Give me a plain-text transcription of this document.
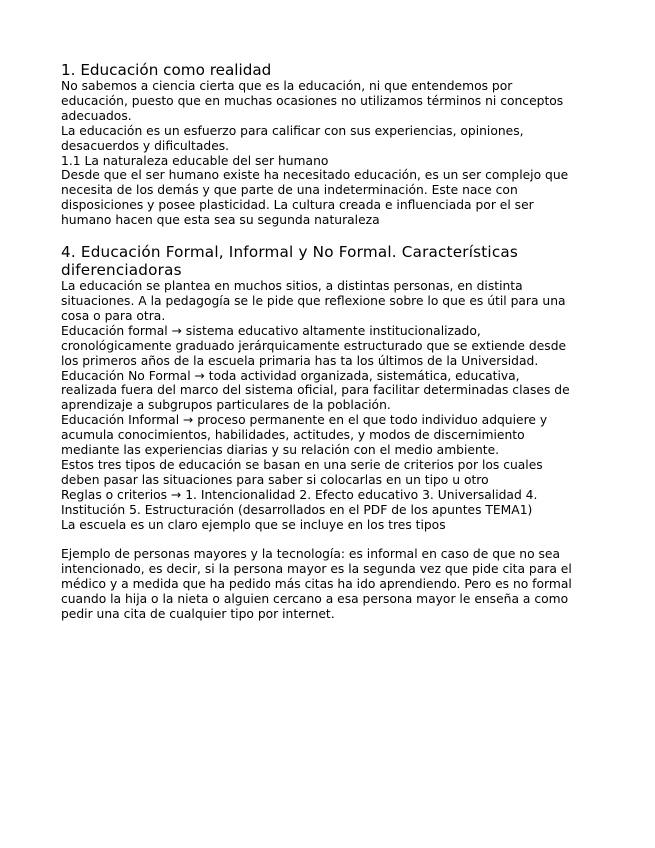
1. Educación como realidad

No sabemos a ciencia cierta que es la educación, ni que entendemos por
educación, puesto que en muchas ocasiones no utilizamos términos ni conceptos
adecuados.

La educación es un esfuerzo para calificar con sus experiencias, opiniones,
desacuerdos y dificultades.

1.1 La naturaleza educable del ser humano

Desde que el ser humano existe ha necesitado educación, es un ser complejo que
necesita de los demás y que parte de una indeterminación. Este nace con
disposiciones y posee plasticidad. La cultura creada e influenciada por el ser
humano hacen que esta sea su segunda naturaleza

4. Educación Formal, Informal y No Formal. Caracterı́sticas
diferenciadoras

La educación se plantea en muchos sitios, a distintas personas, en distinta
situaciones. A la pedagogía se le pide que reflexione sobre lo que es útil para una
cosa o para otra.

Educación formal → sistema educativo altamente institucionalizado,
cronológicamente graduado jerárquicamente estructurado que se extiende desde
los primeros años de la escuela primaria has ta los últimos de la Universidad.

Educación No Formal → toda actividad organizada, sistemática, educativa,
realizada fuera del marco del sistema oficial, para facilitar determinadas clases de
aprendizaje a subgrupos particulares de la población.

Educación Informal → proceso permanente en el que todo individuo adquiere y
acumula conocimientos, habilidades, actitudes, y modos de discernimiento
mediante las experiencias diarias y su relación con el medio ambiente.

Estos tres tipos de educación se basan en una serie de criterios por los cuales
deben pasar las situaciones para saber si colocarlas en un tipo u otro

Reglas o criterios → 1. Intencionalidad 2. Efecto educativo 3. Universalidad 4.
Institución 5. Estructuración (desarrollados en el PDF de los apuntes TEMA1)

La escuela es un claro ejemplo que se incluye en los tres tipos

Ejemplo de personas mayores y la tecnología: es informal en caso de que no sea
intencionado, es decir, si la persona mayor es la segunda vez que pide cita para el
médico y a medida que ha pedido más citas ha ido aprendiendo. Pero es no formal
cuando la hija o la nieta o alguien cercano a esa persona mayor le enseña a como
pedir una cita de cualquier tipo por internet.
